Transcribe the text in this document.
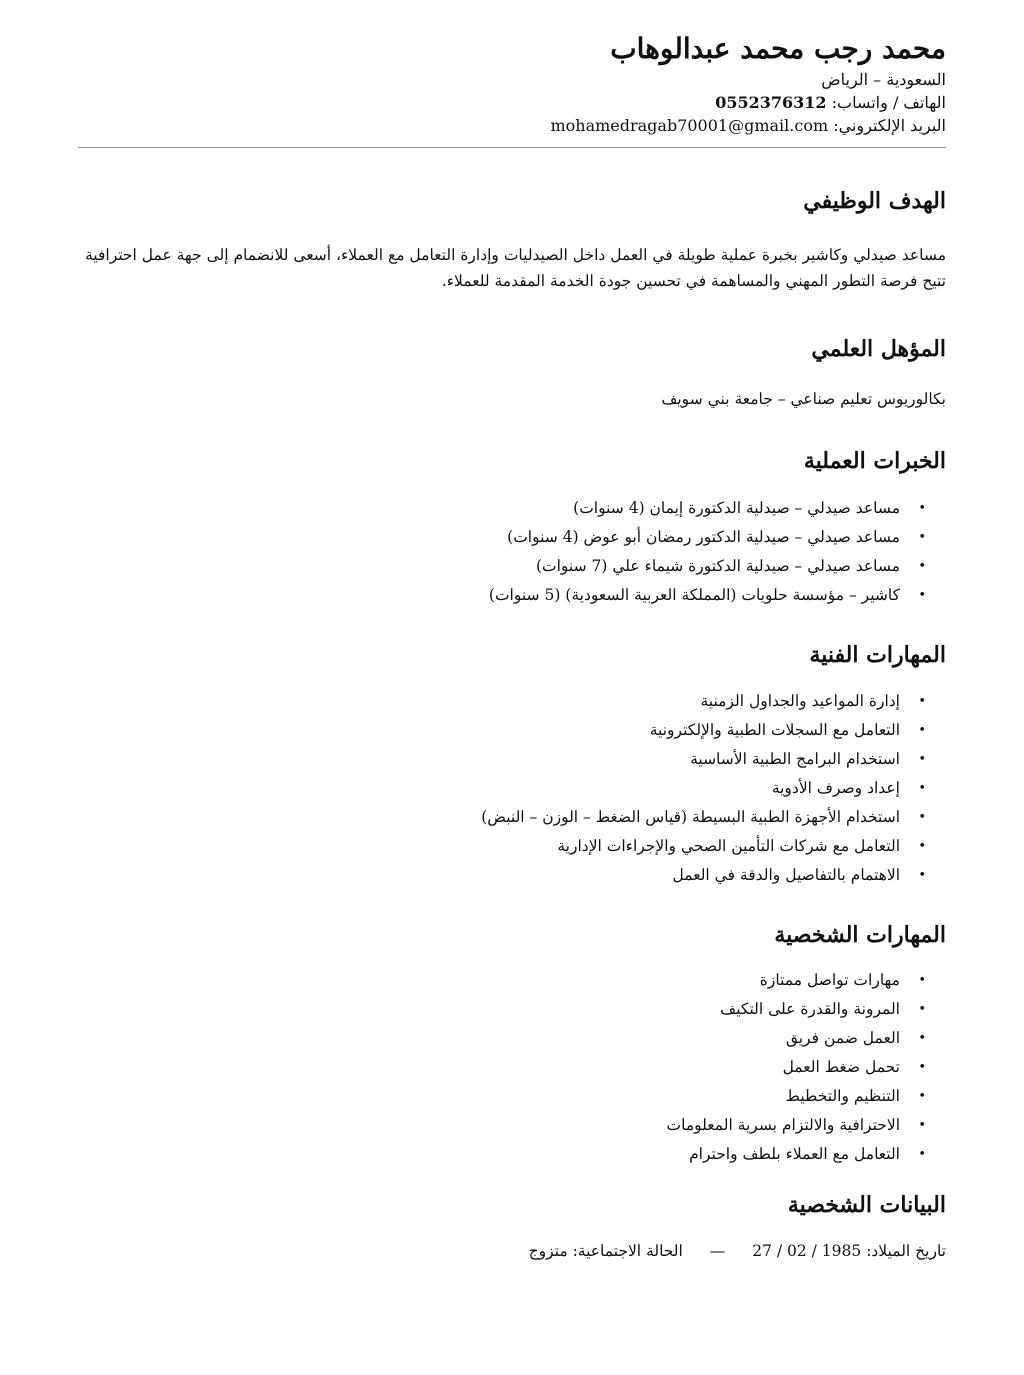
محمد رجب محمد عبدالوهاب
السعودية – الرياض
الهاتف / واتساب: 0552376312
البريد الإلكتروني: mohamedragab70001@gmail.com
الهدف الوظيفي

مساعد صيدلي وكاشير بخبرة عملية طويلة في العمل داخل الصيدليات وإدارة التعامل مع العملاء، أسعى للانضمام إلى جهة عمل احترافية تتيح فرصة التطور المهني والمساهمة في تحسين جودة الخدمة المقدمة للعملاء.

المؤهل العلمي

بكالوريوس تعليم صناعي – جامعة بني سويف

الخبرات العملية
•
مساعد صيدلي – صيدلية الدكتورة إيمان (4 سنوات)
•
مساعد صيدلي – صيدلية الدكتور رمضان أبو عوض (4 سنوات)
•
مساعد صيدلي – صيدلية الدكتورة شيماء علي (7 سنوات)
•
كاشير – مؤسسة حلويات (المملكة العربية السعودية) (5 سنوات)
المهارات الفنية
•
إدارة المواعيد والجداول الزمنية
•
التعامل مع السجلات الطبية والإلكترونية
•
استخدام البرامج الطبية الأساسية
•
إعداد وصرف الأدوية
•
استخدام الأجهزة الطبية البسيطة (قياس الضغط – الوزن – النبض)
•
التعامل مع شركات التأمين الصحي والإجراءات الإدارية
•
الاهتمام بالتفاصيل والدقة في العمل
المهارات الشخصية
•
مهارات تواصل ممتازة
•
المرونة والقدرة على التكيف
•
العمل ضمن فريق
•
تحمل ضغط العمل
•
التنظيم والتخطيط
•
الاحترافية والالتزام بسرية المعلومات
•
التعامل مع العملاء بلطف واحترام
البيانات الشخصية
تاريخ الميلاد: 27 / 02 / 1985 — الحالة الاجتماعية: متزوج
